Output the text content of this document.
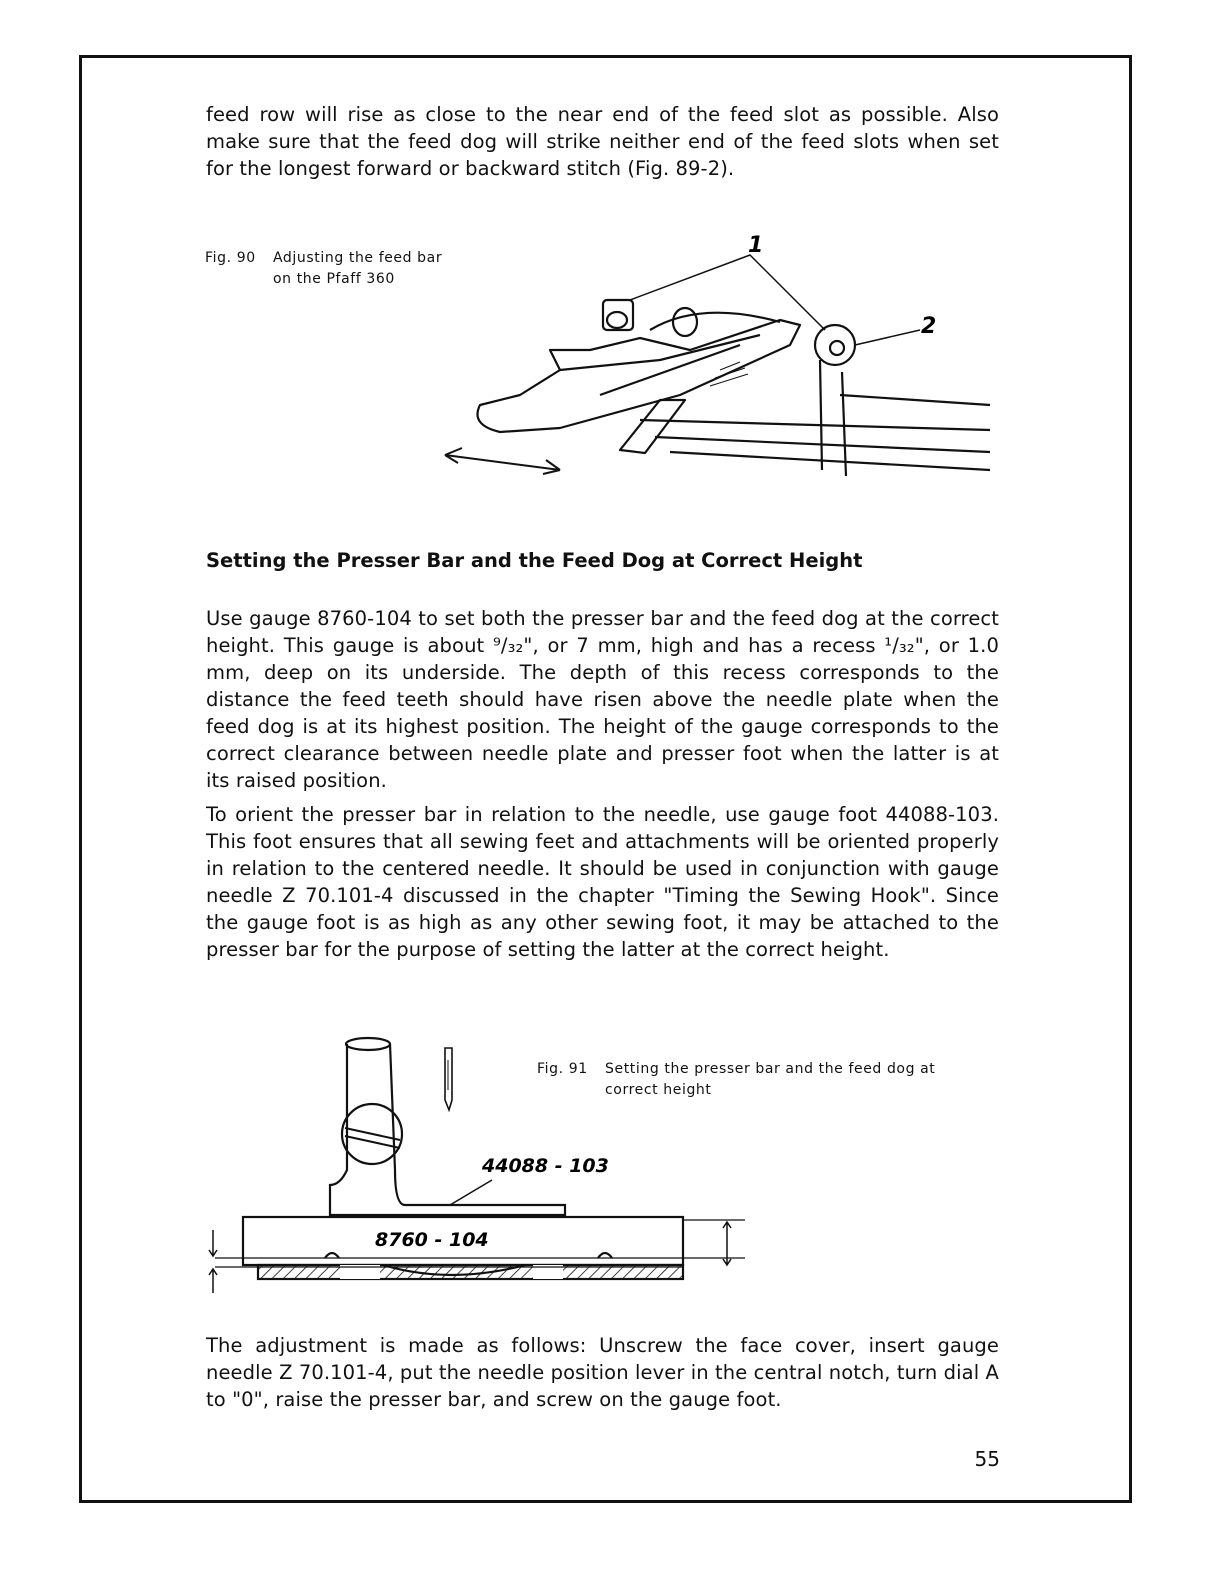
feed row will rise as close to the near end of the feed slot as possible. Also make sure that the feed dog will strike neither end of the feed slots when set for the longest forward or backward stitch (Fig. 89-2).

Fig. 90	Adjusting the feed bar
on the Pfaff 360
1
2

Setting the Presser Bar and the Feed Dog at Correct Height

Use gauge 8760-104 to set both the presser bar and the feed dog at the correct height. This gauge is about ⁹/₃₂", or 7 mm, high and has a recess ¹/₃₂", or 1.0 mm, deep on its underside. The depth of this recess corresponds to the distance the feed teeth should have risen above the needle plate when the feed dog is at its highest position. The height of the gauge corresponds to the correct clearance between needle plate and presser foot when the latter is at its raised position.

To orient the presser bar in relation to the needle, use gauge foot 44088-103. This foot ensures that all sewing feet and attachments will be oriented properly in relation to the centered needle. It should be used in conjunction with gauge needle Z 70.101-4 discussed in the chapter "Timing the Sewing Hook". Since the gauge foot is as high as any other sewing foot, it may be attached to the presser bar for the purpose of setting the latter at the correct height.

Fig. 91	Setting the presser bar and the feed dog at
correct height
44088 - 103
8760 - 104

The adjustment is made as follows: Unscrew the face cover, insert gauge needle Z 70.101-4, put the needle position lever in the central notch, turn dial A to "0", raise the presser bar, and screw on the gauge foot.

55
